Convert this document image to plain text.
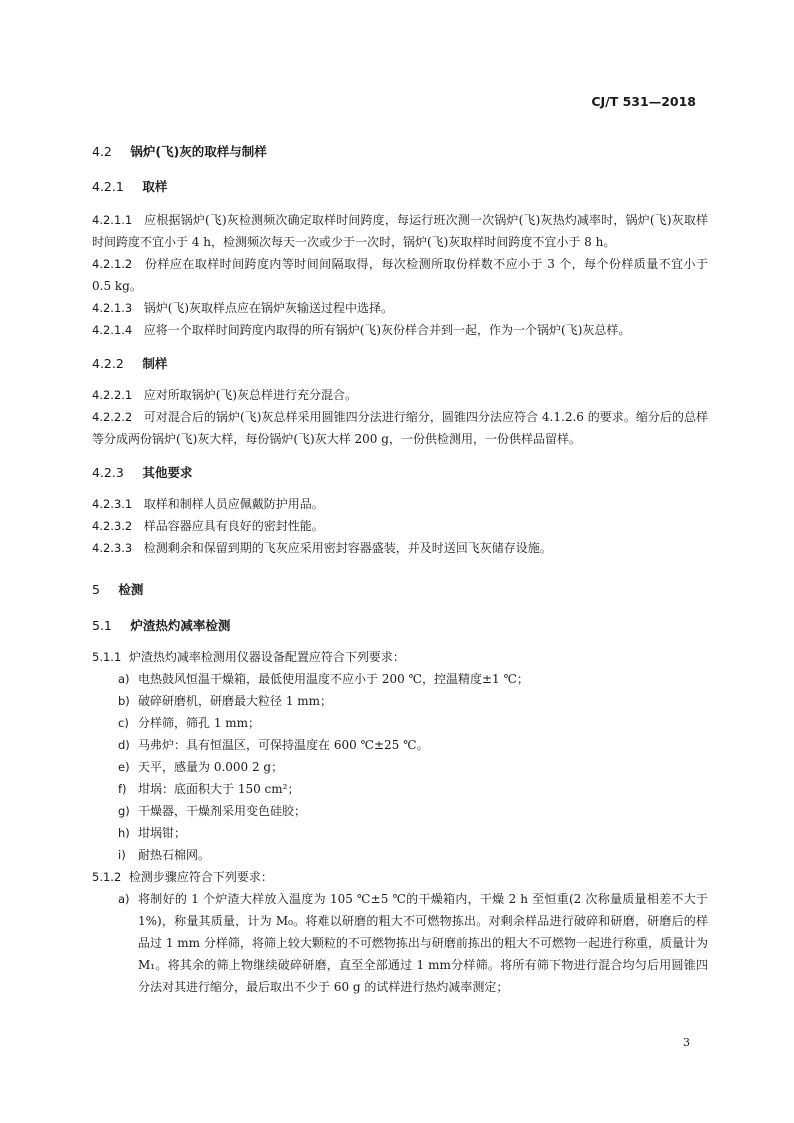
CJ/T 531—2018
4.2 锅炉(飞)灰的取样与制样
4.2.1 取样

4.2.1.1 应根据锅炉(飞)灰检测频次确定取样时间跨度，每运行班次测一次锅炉(飞)灰热灼减率时，锅炉(飞)灰取样时间跨度不宜小于 4 h，检测频次每天一次或少于一次时，锅炉(飞)灰取样时间跨度不宜小于 8 h。

4.2.1.2 份样应在取样时间跨度内等时间间隔取得，每次检测所取份样数不应小于 3 个，每个份样质量不宜小于 0.5 kg。

4.2.1.3 锅炉(飞)灰取样点应在锅炉灰输送过程中选择。

4.2.1.4 应将一个取样时间跨度内取得的所有锅炉(飞)灰份样合并到一起，作为一个锅炉(飞)灰总样。

4.2.2 制样

4.2.2.1 应对所取锅炉(飞)灰总样进行充分混合。

4.2.2.2 可对混合后的锅炉(飞)灰总样采用圆锥四分法进行缩分，圆锥四分法应符合 4.1.2.6 的要求。缩分后的总样等分成两份锅炉(飞)灰大样，每份锅炉(飞)灰大样 200 g，一份供检测用，一份供样品留样。

4.2.3 其他要求

4.2.3.1 取样和制样人员应佩戴防护用品。

4.2.3.2 样品容器应具有良好的密封性能。

4.2.3.3 检测剩余和保留到期的飞灰应采用密封容器盛装，并及时送回飞灰储存设施。

5 检测
5.1 炉渣热灼减率检测

5.1.1 炉渣热灼减率检测用仪器设备配置应符合下列要求：

a) 电热鼓风恒温干燥箱，最低使用温度不应小于 200 ℃，控温精度±1 ℃；

b) 破碎研磨机，研磨最大粒径 1 mm；

c) 分样筛，筛孔 1 mm；

d) 马弗炉：具有恒温区，可保持温度在 600 ℃±25 ℃。

e) 天平，感量为 0.000 2 g；

f) 坩埚：底面积大于 150 cm²；

g) 干燥器，干燥剂采用变色硅胶；

h) 坩埚钳；

i) 耐热石棉网。

5.1.2 检测步骤应符合下列要求：

a) 将制好的 1 个炉渣大样放入温度为 105 ℃±5 ℃的干燥箱内，干燥 2 h 至恒重(2 次称量质量相差不大于 1%)，称量其质量，计为 M₀。将难以研磨的粗大不可燃物拣出。对剩余样品进行破碎和研磨，研磨后的样品过 1 mm 分样筛，将筛上较大颗粒的不可燃物拣出与研磨前拣出的粗大不可燃物一起进行称重，质量计为 M₁。将其余的筛上物继续破碎研磨，直至全部通过 1 mm分样筛。将所有筛下物进行混合均匀后用圆锥四分法对其进行缩分，最后取出不少于 60 g 的试样进行热灼减率测定；

3
